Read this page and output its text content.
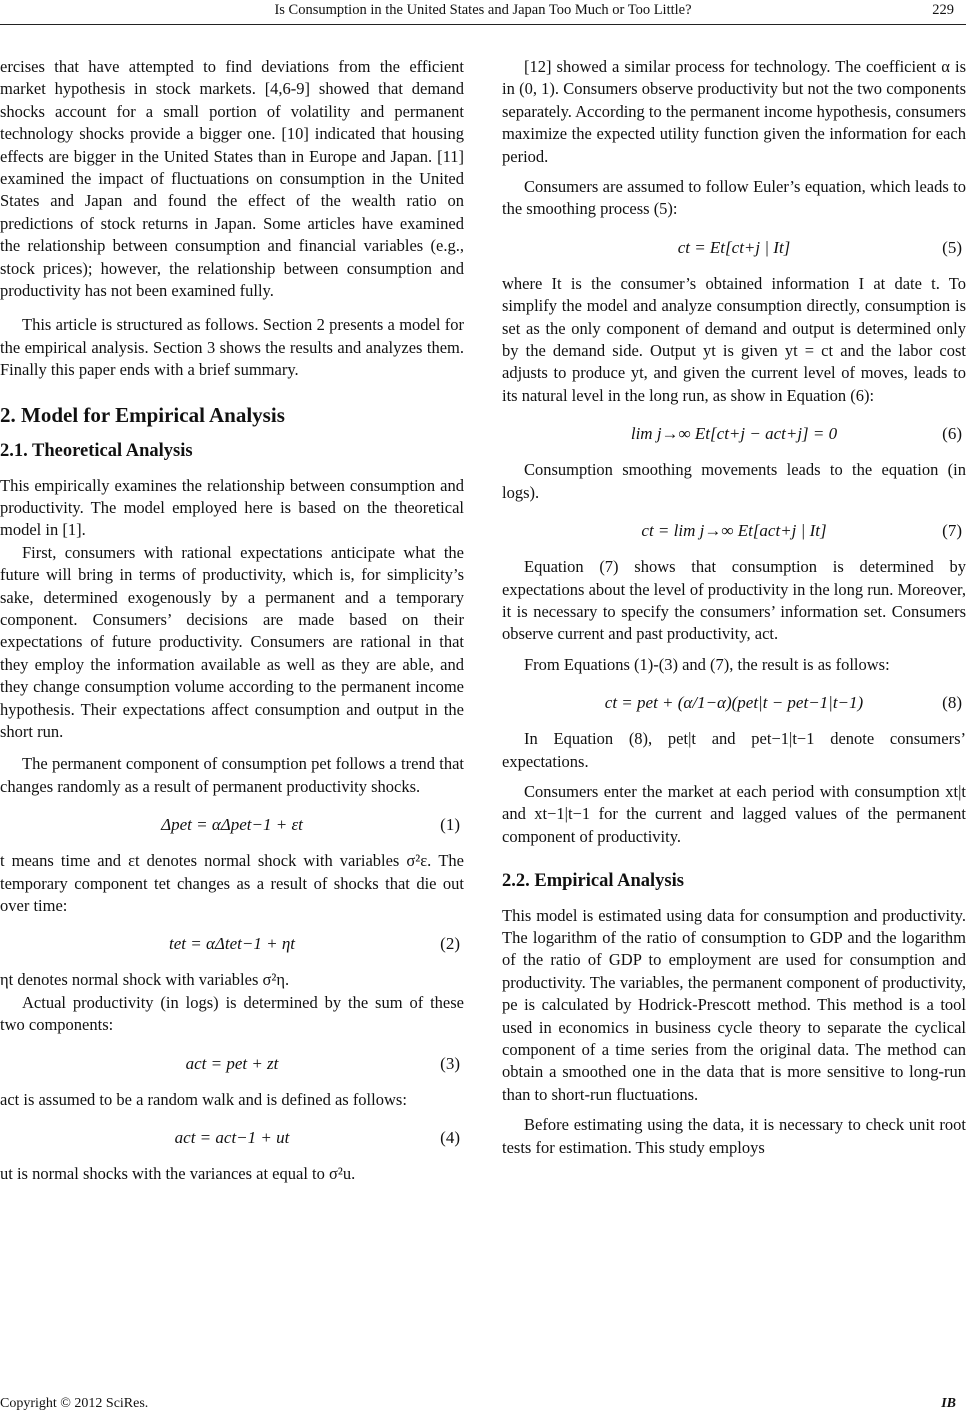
Is Consumption in the United States and Japan Too Much or Too Little?	229

ercises that have attempted to find deviations from the efficient market hypothesis in stock markets. [4,6-9] showed that demand shocks account for a small portion of volatility and permanent technology shocks provide a bigger one. [10] indicated that housing effects are bigger in the United States than in Europe and Japan. [11] examined the impact of fluctuations on consumption in the United States and Japan and found the effect of the wealth ratio on predictions of stock returns in Japan. Some articles have examined the relationship between consumption and financial variables (e.g., stock prices); however, the relationship between consumption and productivity has not been examined fully.

This article is structured as follows. Section 2 presents a model for the empirical analysis. Section 3 shows the results and analyzes them. Finally this paper ends with a brief summary.

2. Model for Empirical Analysis
2.1. Theoretical Analysis

This empirically examines the relationship between consumption and productivity. The model employed here is based on the theoretical model in [1].

First, consumers with rational expectations anticipate what the future will bring in terms of productivity, which is, for simplicity’s sake, determined exogenously by a permanent and a temporary component. Consumers’ decisions are made based on their expectations of future productivity. Consumers are rational in that they employ the information available as well as they are able, and they change consumption volume according to the permanent income hypothesis. Their expectations affect consumption and output in the short run.

The permanent component of consumption pet follows a trend that changes randomly as a result of permanent productivity shocks.

Δpet = αΔpet−1 + εt	(1)

t means time and εt denotes normal shock with variables σ²ε. The temporary component tet changes as a result of shocks that die out over time:

tet = αΔtet−1 + ηt	(2)

ηt denotes normal shock with variables σ²η.

Actual productivity (in logs) is determined by the sum of these two components:

act = pet + zt	(3)

act is assumed to be a random walk and is defined as follows:

act = act−1 + ut	(4)

ut is normal shocks with the variances at equal to σ²u.

[12] showed a similar process for technology. The coefficient α is in (0, 1). Consumers observe productivity but not the two components separately. According to the permanent income hypothesis, consumers maximize the expected utility function given the information for each period.

Consumers are assumed to follow Euler’s equation, which leads to the smoothing process (5):

ct = Et[ct+j | It]	(5)

where It is the consumer’s obtained information I at date t. To simplify the model and analyze consumption directly, consumption is set as the only component of demand and output is determined only by the demand side. Output yt is given yt = ct and the labor cost adjusts to produce yt, and given the current level of moves, leads to its natural level in the long run, as show in Equation (6):

lim j→∞ Et[ct+j − act+j] = 0	(6)

Consumption smoothing movements leads to the equation (in logs).

ct = lim j→∞ Et[act+j | It]	(7)

Equation (7) shows that consumption is determined by expectations about the level of productivity in the long run. Moreover, it is necessary to specify the consumers’ information set. Consumers observe current and past productivity, act.

From Equations (1)-(3) and (7), the result is as follows:

ct = pet + (α/1−α)(pet|t − pet−1|t−1)	(8)

In Equation (8), pet|t and pet−1|t−1 denote consumers’ expectations.

Consumers enter the market at each period with consumption xt|t and xt−1|t−1 for the current and lagged values of the permanent component of productivity.

2.2. Empirical Analysis

This model is estimated using data for consumption and productivity. The logarithm of the ratio of consumption to GDP and the logarithm of the ratio of GDP to employment are used for consumption and productivity. The variables, the permanent component of productivity, pe is calculated by Hodrick-Prescott method. This method is a tool used in economics in business cycle theory to separate the cyclical component of a time series from the original data. The method can obtain a smoothed one in the data that is more sensitive to long-run than to short-run fluctuations.

Before estimating using the data, it is necessary to check unit root tests for estimation. This study employs

Copyright © 2012 SciRes.	IB
